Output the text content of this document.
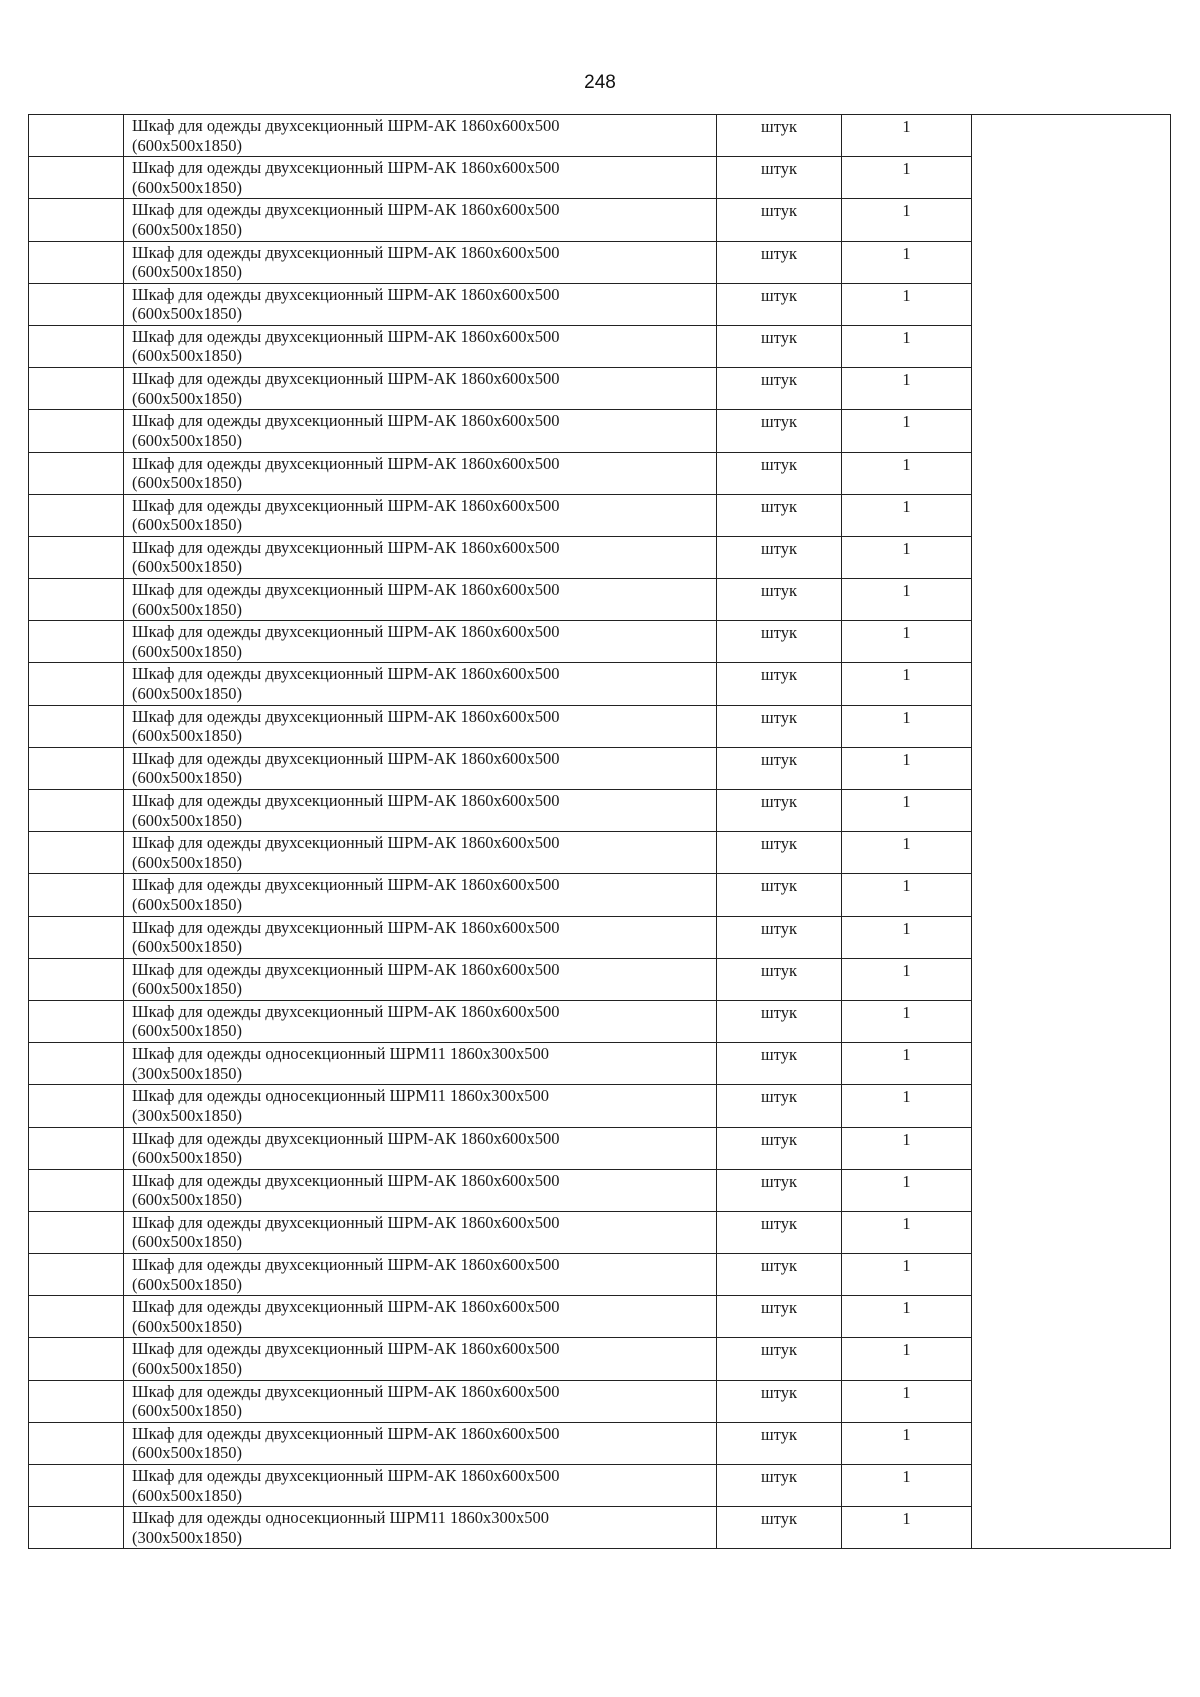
248
	Шкаф для одежды двухсекционный ШРМ-АК 1860х600х500
(600х500х1850)	штук	1	
	Шкаф для одежды двухсекционный ШРМ-АК 1860х600х500
(600х500х1850)	штук	1	
	Шкаф для одежды двухсекционный ШРМ-АК 1860х600х500
(600х500х1850)	штук	1	
	Шкаф для одежды двухсекционный ШРМ-АК 1860х600х500
(600х500х1850)	штук	1	
	Шкаф для одежды двухсекционный ШРМ-АК 1860х600х500
(600х500х1850)	штук	1	
	Шкаф для одежды двухсекционный ШРМ-АК 1860х600х500
(600х500х1850)	штук	1	
	Шкаф для одежды двухсекционный ШРМ-АК 1860х600х500
(600х500х1850)	штук	1	
	Шкаф для одежды двухсекционный ШРМ-АК 1860х600х500
(600х500х1850)	штук	1	
	Шкаф для одежды двухсекционный ШРМ-АК 1860х600х500
(600х500х1850)	штук	1	
	Шкаф для одежды двухсекционный ШРМ-АК 1860х600х500
(600х500х1850)	штук	1	
	Шкаф для одежды двухсекционный ШРМ-АК 1860х600х500
(600х500х1850)	штук	1	
	Шкаф для одежды двухсекционный ШРМ-АК 1860х600х500
(600х500х1850)	штук	1	
	Шкаф для одежды двухсекционный ШРМ-АК 1860х600х500
(600х500х1850)	штук	1	
	Шкаф для одежды двухсекционный ШРМ-АК 1860х600х500
(600х500х1850)	штук	1	
	Шкаф для одежды двухсекционный ШРМ-АК 1860х600х500
(600х500х1850)	штук	1	
	Шкаф для одежды двухсекционный ШРМ-АК 1860х600х500
(600х500х1850)	штук	1	
	Шкаф для одежды двухсекционный ШРМ-АК 1860х600х500
(600х500х1850)	штук	1	
	Шкаф для одежды двухсекционный ШРМ-АК 1860х600х500
(600х500х1850)	штук	1	
	Шкаф для одежды двухсекционный ШРМ-АК 1860х600х500
(600х500х1850)	штук	1	
	Шкаф для одежды двухсекционный ШРМ-АК 1860х600х500
(600х500х1850)	штук	1	
	Шкаф для одежды двухсекционный ШРМ-АК 1860х600х500
(600х500х1850)	штук	1	
	Шкаф для одежды двухсекционный ШРМ-АК 1860х600х500
(600х500х1850)	штук	1	
	Шкаф для одежды односекционный ШРМ11 1860х300х500
(300х500х1850)	штук	1	
	Шкаф для одежды односекционный ШРМ11 1860х300х500
(300х500х1850)	штук	1	
	Шкаф для одежды двухсекционный ШРМ-АК 1860х600х500
(600х500х1850)	штук	1	
	Шкаф для одежды двухсекционный ШРМ-АК 1860х600х500
(600х500х1850)	штук	1	
	Шкаф для одежды двухсекционный ШРМ-АК 1860х600х500
(600х500х1850)	штук	1	
	Шкаф для одежды двухсекционный ШРМ-АК 1860х600х500
(600х500х1850)	штук	1	
	Шкаф для одежды двухсекционный ШРМ-АК 1860х600х500
(600х500х1850)	штук	1	
	Шкаф для одежды двухсекционный ШРМ-АК 1860х600х500
(600х500х1850)	штук	1	
	Шкаф для одежды двухсекционный ШРМ-АК 1860х600х500
(600х500х1850)	штук	1	
	Шкаф для одежды двухсекционный ШРМ-АК 1860х600х500
(600х500х1850)	штук	1	
	Шкаф для одежды двухсекционный ШРМ-АК 1860х600х500
(600х500х1850)	штук	1	
	Шкаф для одежды односекционный ШРМ11 1860х300х500
(300х500х1850)	штук	1	
